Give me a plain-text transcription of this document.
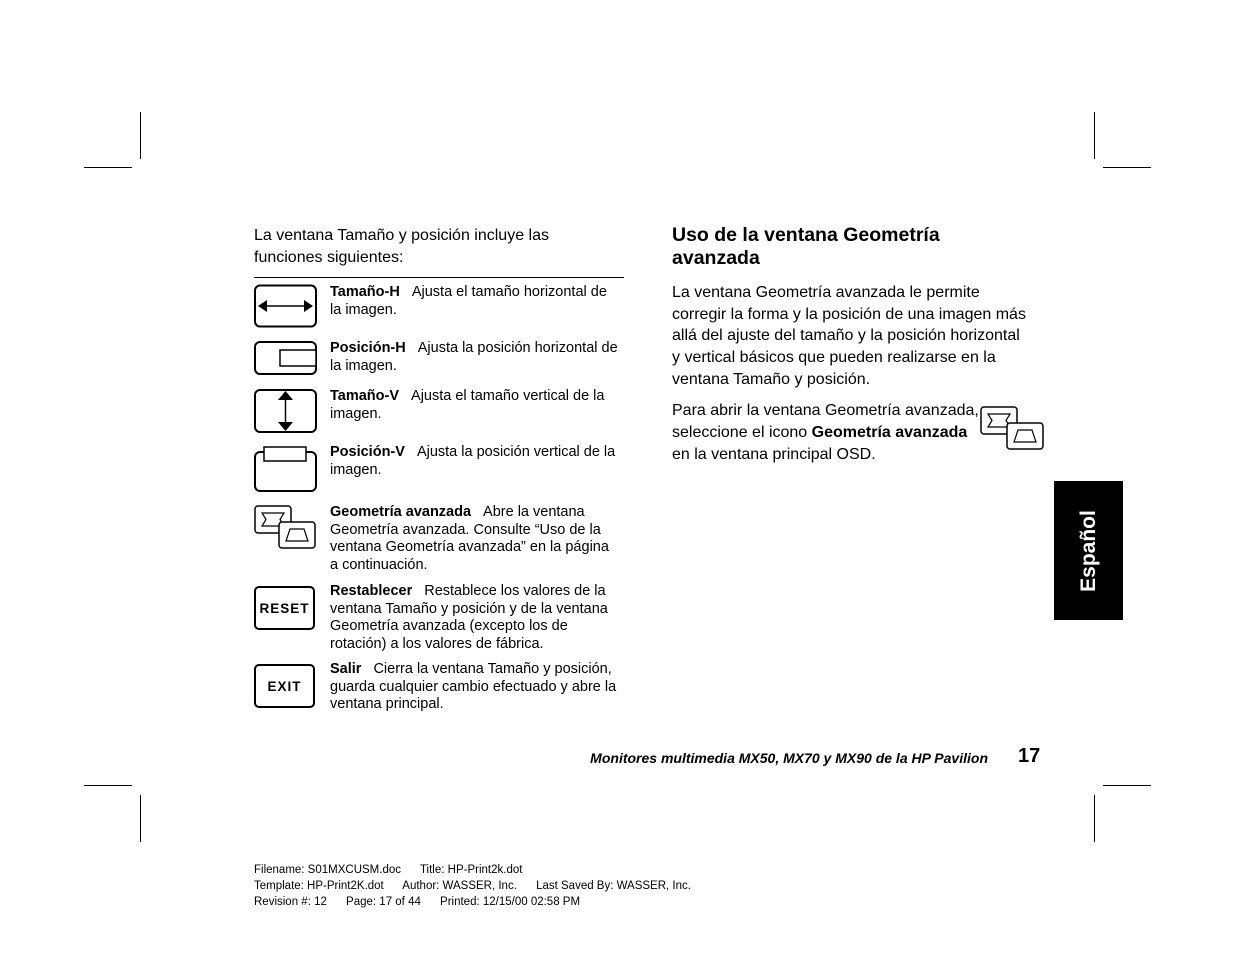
La ventana Tamaño y posición incluye las funciones siguientes:
Tamaño-H Ajusta el tamaño horizontal de la imagen.
Posición-H Ajusta la posición horizontal de la imagen.
Tamaño-V Ajusta el tamaño vertical de la imagen.
Posición-V Ajusta la posición vertical de la imagen.
Geometría avanzada Abre la ventana Geometría avanzada. Consulte “Uso de la ventana Geometría avanzada” en la página a continuación.
RESET
Restablecer Restablece los valores de la ventana Tamaño y posición y de la ventana Geometría avanzada (excepto los de rotación) a los valores de fábrica.
EXIT
Salir Cierra la ventana Tamaño y posición, guarda cualquier cambio efectuado y abre la ventana principal.
Uso de la ventana Geometría avanzada
La ventana Geometría avanzada le permite corregir la forma y la posición de una imagen más allá del ajuste del tamaño y la posición horizontal y vertical básicos que pueden realizarse en la ventana Tamaño y posición.
Para abrir la ventana Geometría avanzada, seleccione el icono Geometría avanzada en la ventana principal OSD.
Español
Monitores multimedia MX50, MX70 y MX90 de la HP Pavilion 17
Filename: S01MXCUSM.doc      Title: HP-Print2k.dot
Template: HP-Print2K.dot      Author: WASSER, Inc.      Last Saved By: WASSER, Inc.
Revision #: 12      Page: 17 of 44      Printed: 12/15/00 02:58 PM
